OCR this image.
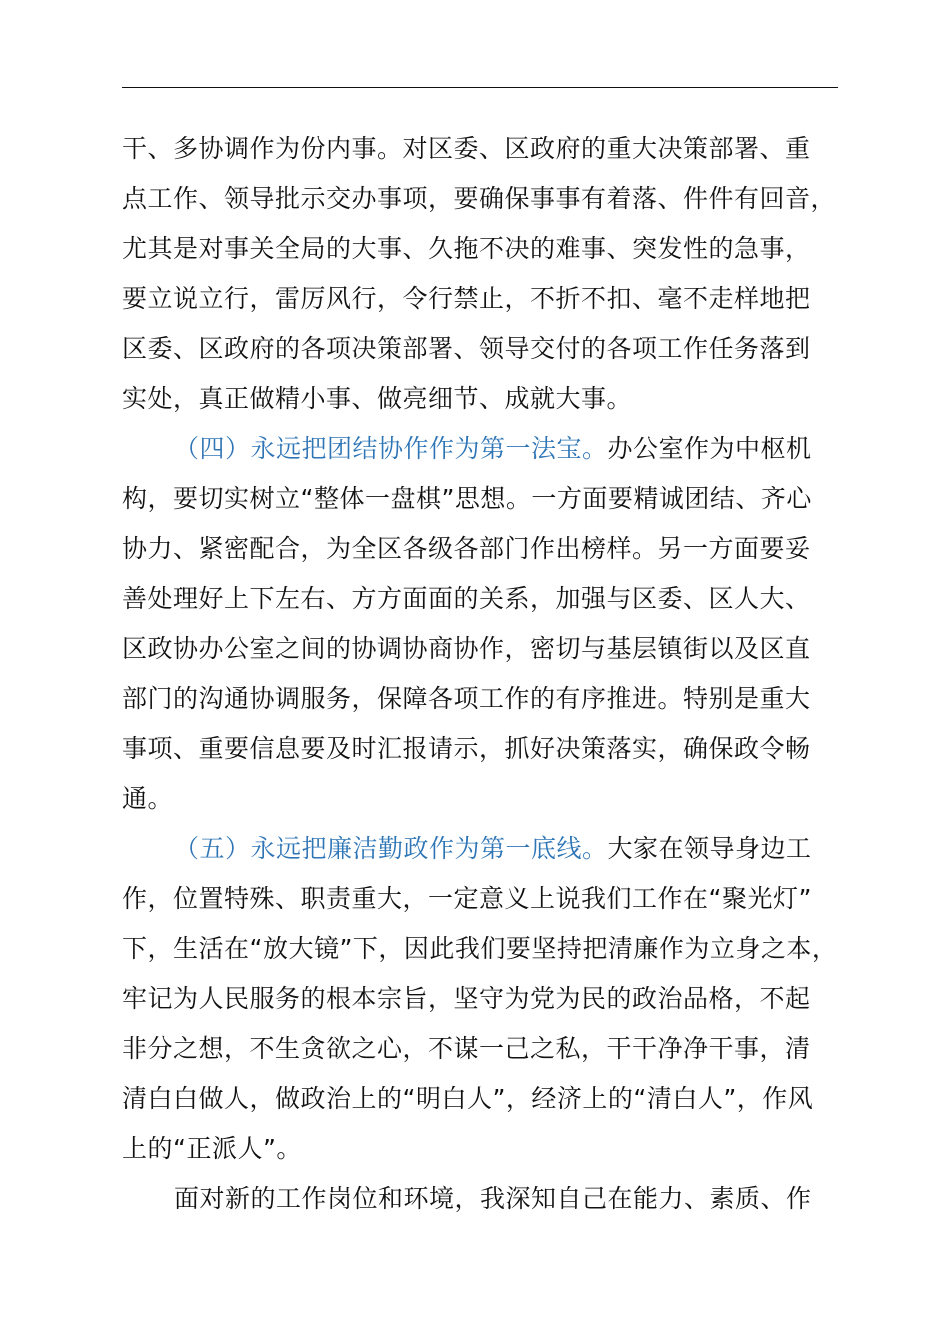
干、多协调作为份内事。对区委、区政府的重大决策部署、重
点工作、领导批示交办事项，要确保事事有着落、件件有回音，
尤其是对事关全局的大事、久拖不决的难事、突发性的急事，
要立说立行，雷厉风行，令行禁止，不折不扣、毫不走样地把
区委、区政府的各项决策部署、领导交付的各项工作任务落到
实处，真正做精小事、做亮细节、成就大事。
（四）永远把团结协作作为第一法宝。办公室作为中枢机
构，要切实树立“整体一盘棋”思想。一方面要精诚团结、齐心
协力、紧密配合，为全区各级各部门作出榜样。另一方面要妥
善处理好上下左右、方方面面的关系，加强与区委、区人大、
区政协办公室之间的协调协商协作，密切与基层镇街以及区直
部门的沟通协调服务，保障各项工作的有序推进。特别是重大
事项、重要信息要及时汇报请示，抓好决策落实，确保政令畅
通。
（五）永远把廉洁勤政作为第一底线。大家在领导身边工
作，位置特殊、职责重大，一定意义上说我们工作在“聚光灯”
下，生活在“放大镜”下，因此我们要坚持把清廉作为立身之本，
牢记为人民服务的根本宗旨，坚守为党为民的政治品格，不起
非分之想，不生贪欲之心，不谋一己之私，干干净净干事，清
清白白做人，做政治上的“明白人”，经济上的“清白人”，作风
上的“正派人”。
面对新的工作岗位和环境，我深知自己在能力、素质、作
